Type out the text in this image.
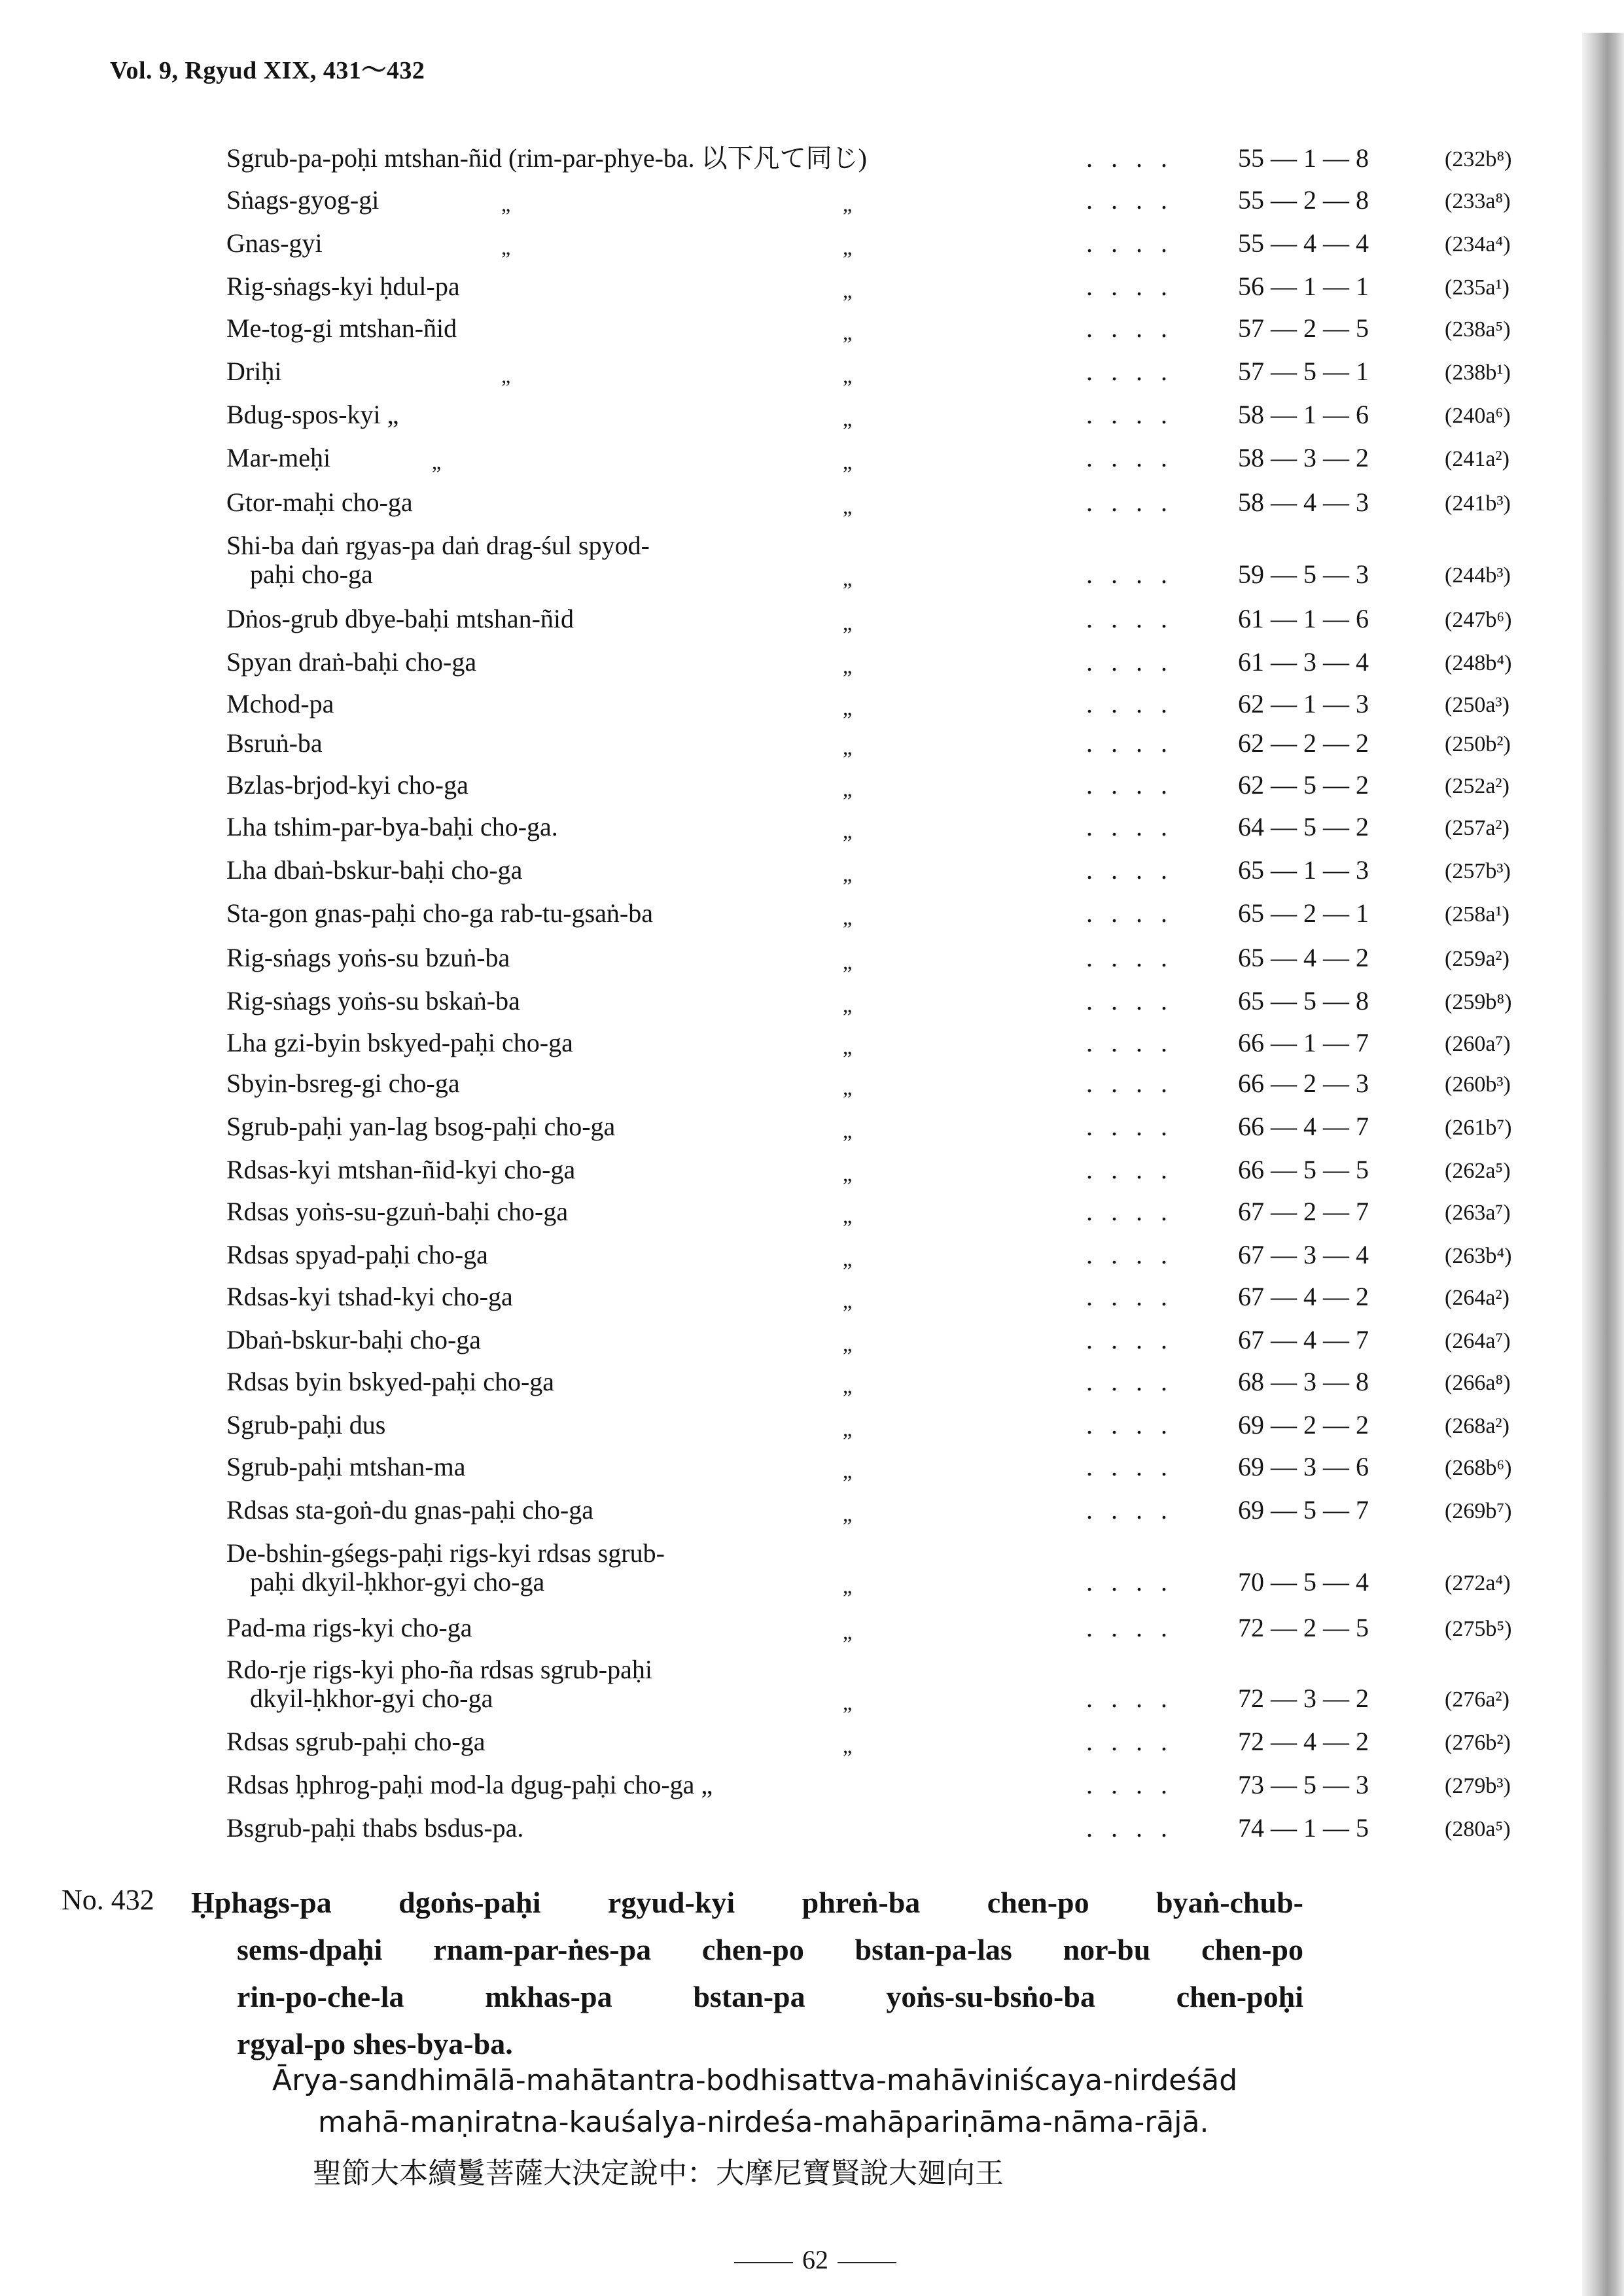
Vol. 9, Rgyud XIX, 431～432
Sgrub-pa-poḥi mtshan-ñid (rim-par-phye-ba. 以下凡て同じ)	. . . . 55 — 1 — 8	(232b⁸)
Sṅags-gyog-gi	„	„	. . . . 55 — 2 — 8	(233a⁸)
Gnas-gyi	„	„	. . . . 55 — 4 — 4	(234a⁴)
Rig-sṅags-kyi ḥdul-pa	„	. . . . 56 — 1 — 1	(235a¹)
Me-tog-gi mtshan-ñid	„	. . . . 57 — 2 — 5	(238a⁵)
Driḥi	„	„	. . . . 57 — 5 — 1	(238b¹)
Bdug-spos-kyi „	„	. . . . 58 — 1 — 6	(240a⁶)
Mar-meḥi	„	„	. . . . 58 — 3 — 2	(241a²)
Gtor-maḥi cho-ga	„	. . . . 58 — 4 — 3	(241b³)
Shi-ba daṅ rgyas-pa daṅ drag-śul spyod-
paḥi cho-ga	„	. . . . 59 — 5 — 3	(244b³)
Dṅos-grub dbye-baḥi mtshan-ñid	„	. . . . 61 — 1 — 6	(247b⁶)
Spyan draṅ-baḥi cho-ga	„	. . . . 61 — 3 — 4	(248b⁴)
Mchod-pa	„	. . . . 62 — 1 — 3	(250a³)
Bsruṅ-ba	„	. . . . 62 — 2 — 2	(250b²)
Bzlas-brjod-kyi cho-ga	„	. . . . 62 — 5 — 2	(252a²)
Lha tshim-par-bya-baḥi cho-ga.	„	. . . . 64 — 5 — 2	(257a²)
Lha dbaṅ-bskur-baḥi cho-ga	„	. . . . 65 — 1 — 3	(257b³)
Sta-gon gnas-paḥi cho-ga rab-tu-gsaṅ-ba	„	. . . . 65 — 2 — 1	(258a¹)
Rig-sṅags yoṅs-su bzuṅ-ba	„	. . . . 65 — 4 — 2	(259a²)
Rig-sṅags yoṅs-su bskaṅ-ba	„	. . . . 65 — 5 — 8	(259b⁸)
Lha gzi-byin bskyed-paḥi cho-ga	„	. . . . 66 — 1 — 7	(260a⁷)
Sbyin-bsreg-gi cho-ga	„	. . . . 66 — 2 — 3	(260b³)
Sgrub-paḥi yan-lag bsog-paḥi cho-ga	„	. . . . 66 — 4 — 7	(261b⁷)
Rdsas-kyi mtshan-ñid-kyi cho-ga	„	. . . . 66 — 5 — 5	(262a⁵)
Rdsas yoṅs-su-gzuṅ-baḥi cho-ga	„	. . . . 67 — 2 — 7	(263a⁷)
Rdsas spyad-paḥi cho-ga	„	. . . . 67 — 3 — 4	(263b⁴)
Rdsas-kyi tshad-kyi cho-ga	„	. . . . 67 — 4 — 2	(264a²)
Dbaṅ-bskur-baḥi cho-ga	„	. . . . 67 — 4 — 7	(264a⁷)
Rdsas byin bskyed-paḥi cho-ga	„	. . . . 68 — 3 — 8	(266a⁸)
Sgrub-paḥi dus	„	. . . . 69 — 2 — 2	(268a²)
Sgrub-paḥi mtshan-ma	„	. . . . 69 — 3 — 6	(268b⁶)
Rdsas sta-goṅ-du gnas-paḥi cho-ga	„	. . . . 69 — 5 — 7	(269b⁷)
De-bshin-gśegs-paḥi rigs-kyi rdsas sgrub-
paḥi dkyil-ḥkhor-gyi cho-ga	„	. . . . 70 — 5 — 4	(272a⁴)
Pad-ma rigs-kyi cho-ga	„	. . . . 72 — 2 — 5	(275b⁵)
Rdo-rje rigs-kyi pho-ña rdsas sgrub-paḥi
dkyil-ḥkhor-gyi cho-ga	„	. . . . 72 — 3 — 2	(276a²)
Rdsas sgrub-paḥi cho-ga	„	. . . . 72 — 4 — 2	(276b²)
Rdsas ḥphrog-paḥi mod-la dgug-paḥi cho-ga „	. . . . 73 — 5 — 3	(279b³)
Bsgrub-paḥi thabs bsdus-pa.	. . . . 74 — 1 — 5	(280a⁵)
No. 432 Ḥphags-pa dgoṅs-paḥi rgyud-kyi phreṅ-ba chen-po byaṅ-chub-
sems-dpaḥi rnam-par-ṅes-pa chen-po bstan-pa-las nor-bu chen-po
rin-po-che-la mkhas-pa bstan-pa yoṅs-su-bsṅo-ba chen-poḥi
rgyal-po shes-bya-ba.
Ārya-sandhimālā-mahātantra-bodhisattva-mahāviniścaya-nirdeśād
mahā-maṇiratna-kauśalya-nirdeśa-mahāpariṇāma-nāma-rājā.
聖節大本續鬘菩薩大決定說中：大摩尼寶賢說大廻向王
62
